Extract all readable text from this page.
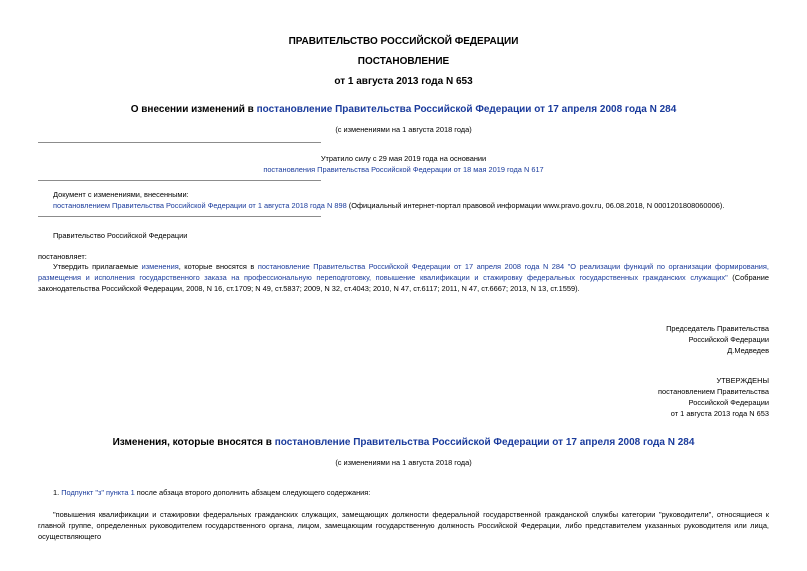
ПРАВИТЕЛЬСТВО РОССИЙСКОЙ ФЕДЕРАЦИИ
ПОСТАНОВЛЕНИЕ
от 1 августа 2013 года N 653
О внесении изменений в постановление Правительства Российской Федерации от 17 апреля 2008 года N 284
(с изменениями на 1 августа 2018 года)
Утратило силу с 29 мая 2019 года на основании
постановления Правительства Российской Федерации от 18 мая 2019 года N 617
Документ с изменениями, внесенными:
постановлением Правительства Российской Федерации от 1 августа 2018 года N 898 (Официальный интернет-портал правовой информации www.pravo.gov.ru, 06.08.2018, N 0001201808060006).
Правительство Российской Федерации
постановляет:
Утвердить прилагаемые изменения, которые вносятся в постановление Правительства Российской Федерации от 17 апреля 2008 года N 284 "О реализации функций по организации формирования, размещения и исполнения государственного заказа на профессиональную переподготовку, повышение квалификации и стажировку федеральных государственных гражданских служащих" (Собрание законодательства Российской Федерации, 2008, N 16, ст.1709; N 49, ст.5837; 2009, N 32, ст.4043; 2010, N 47, ст.6117; 2011, N 47, ст.6667; 2013, N 13, ст.1559).
Председатель Правительства
Российской Федерации
Д.Медведев
УТВЕРЖДЕНЫ
постановлением Правительства
Российской Федерации
от 1 августа 2013 года N 653
Изменения, которые вносятся в постановление Правительства Российской Федерации от 17 апреля 2008 года N 284
(с изменениями на 1 августа 2018 года)
1. Подпункт "з" пункта 1 после абзаца второго дополнить абзацем следующего содержания:
"повышения квалификации и стажировки федеральных гражданских служащих, замещающих должности федеральной государственной гражданской службы категории "руководители", относящиеся к главной группе, определенных руководителем государственного органа, лицом, замещающим государственную должность Российской Федерации, либо представителем указанных руководителя или лица, осуществляющего
